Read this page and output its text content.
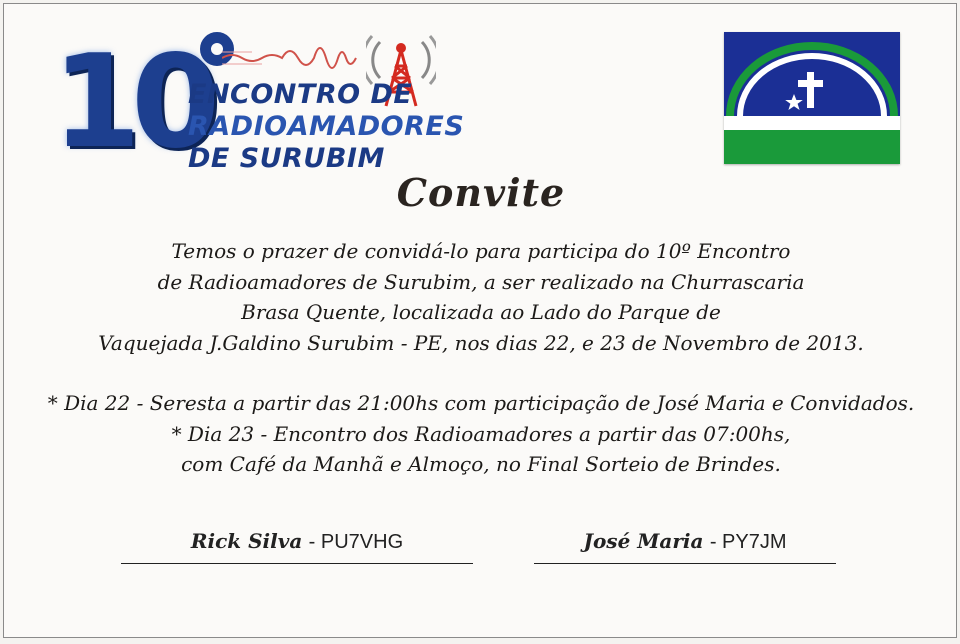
10
ENCONTRO DE
RADIOAMADORES
DE SURUBIM
Convite
Temos o prazer de convidá-lo para participa do 10º Encontro
de Radioamadores de Surubim, a ser realizado na Churrascaria
Brasa Quente, localizada ao Lado do Parque de
Vaquejada J.Galdino Surubim - PE, nos dias 22, e 23 de Novembro de 2013.
* Dia 22 - Seresta a partir das 21:00hs com participação de José Maria e Convidados.
* Dia 23 - Encontro dos Radioamadores a partir das 07:00hs,
com Café da Manhã e Almoço, no Final Sorteio de Brindes.
Rick Silva - PU7VHG	José Maria - PY7JM
